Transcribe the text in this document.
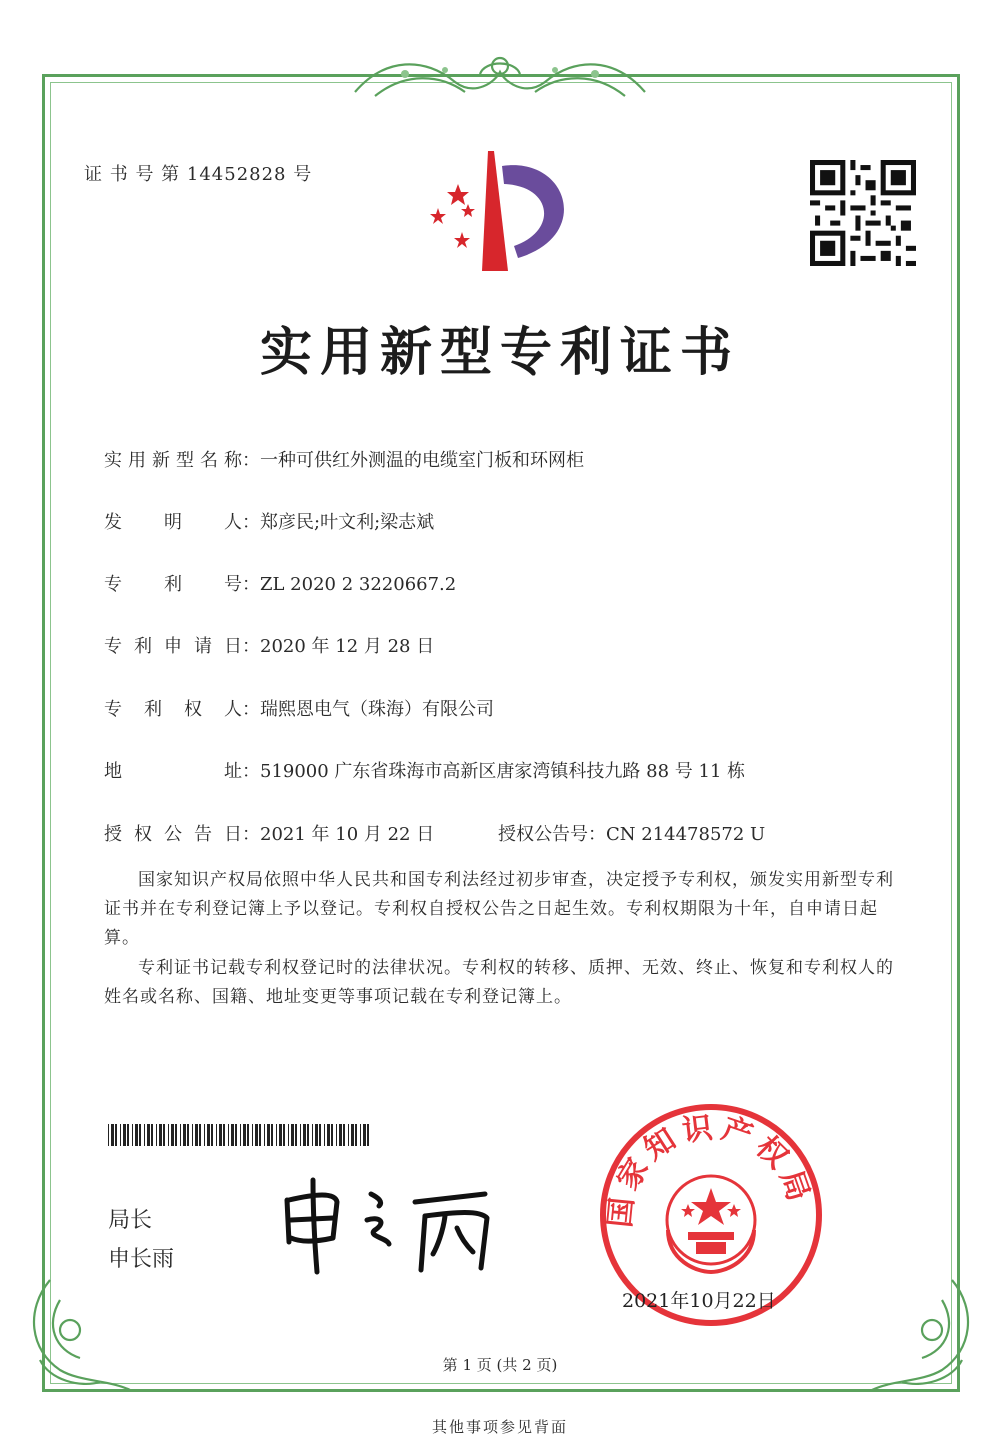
证 书 号 第 14452828 号
实用新型专利证书
实用新型名称：一种可供红外测温的电缆室门板和环网柜
发明人：郑彦民;叶文利;梁志斌
专利号：ZL 2020 2 3220667.2
专利申请日：2020 年 12 月 28 日
专利权人：瑞熙恩电气（珠海）有限公司
地址：519000 广东省珠海市高新区唐家湾镇科技九路 88 号 11 栋
授权公告日：2021 年 10 月 22 日	授权公告号：CN 214478572 U
国家知识产权局依照中华人民共和国专利法经过初步审查，决定授予专利权，颁发实用新型专利证书并在专利登记簿上予以登记。专利权自授权公告之日起生效。专利权期限为十年，自申请日起算。
专利证书记载专利权登记时的法律状况。专利权的转移、质押、无效、终止、恢复和专利权人的姓名或名称、国籍、地址变更等事项记载在专利登记簿上。
局长
申长雨
国家知识产权局
2021年10月22日
第 1 页 (共 2 页)
其他事项参见背面
